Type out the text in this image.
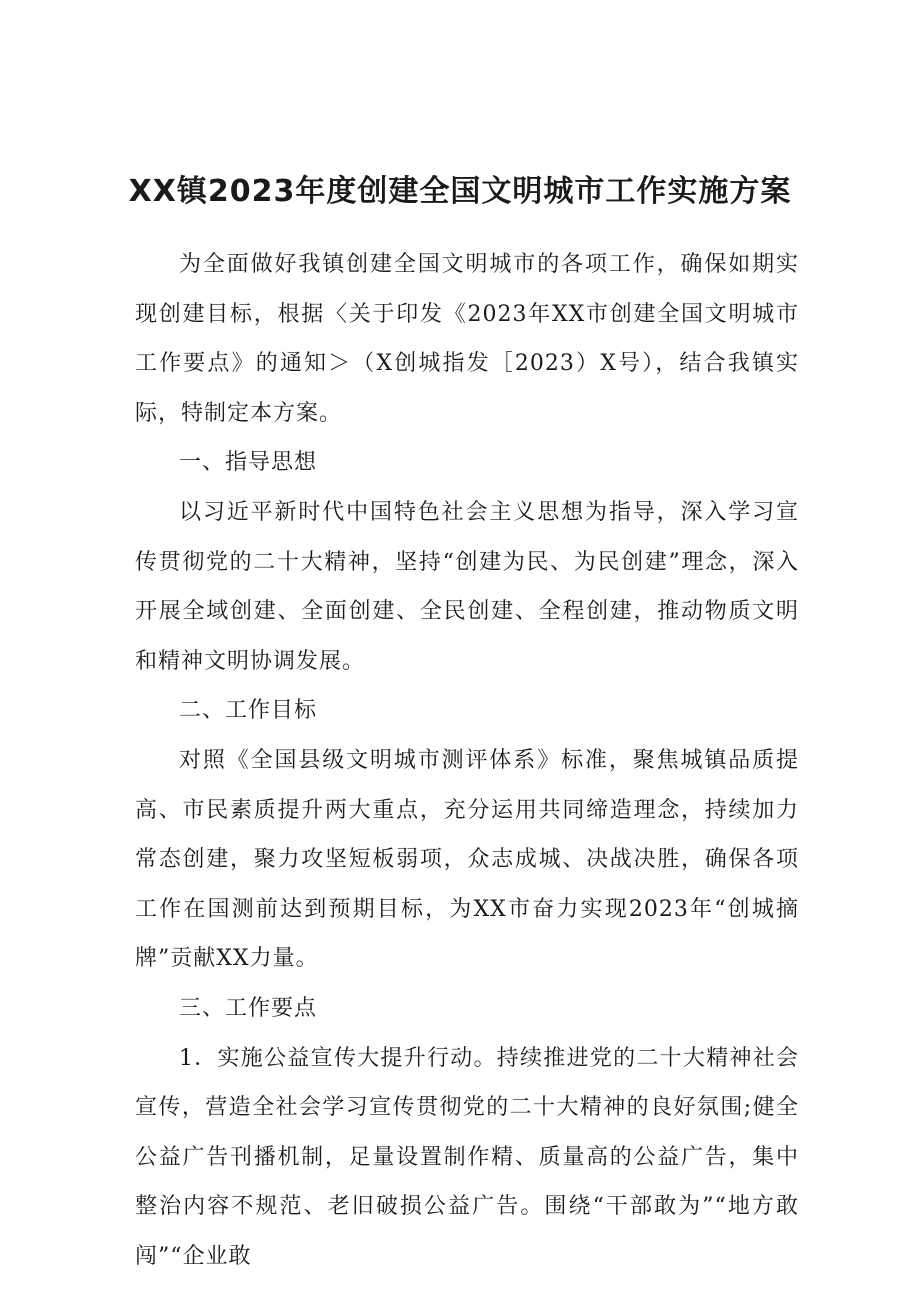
XX镇2023年度创建全国文明城市工作实施方案

为全面做好我镇创建全国文明城市的各项工作，确保如期实现创建目标，根据〈关于印发《2023年XX市创建全国文明城市工作要点》的通知＞（X创城指发［2023）X号），结合我镇实际，特制定本方案。

一、指导思想

以习近平新时代中国特色社会主义思想为指导，深入学习宣传贯彻党的二十大精神，坚持“创建为民、为民创建”理念，深入开展全域创建、全面创建、全民创建、全程创建，推动物质文明和精神文明协调发展。

二、工作目标

对照《全国县级文明城市测评体系》标准，聚焦城镇品质提高、市民素质提升两大重点，充分运用共同缔造理念，持续加力常态创建，聚力攻坚短板弱项，众志成城、决战决胜，确保各项工作在国测前达到预期目标，为XX市奋力实现2023年“创城摘牌”贡献XX力量。

三、工作要点

1．实施公益宣传大提升行动。持续推进党的二十大精神社会宣传，营造全社会学习宣传贯彻党的二十大精神的良好氛围;健全公益广告刊播机制，足量设置制作精、质量高的公益广告，集中整治内容不规范、老旧破损公益广告。围绕“干部敢为”“地方敢闯”“企业敢
